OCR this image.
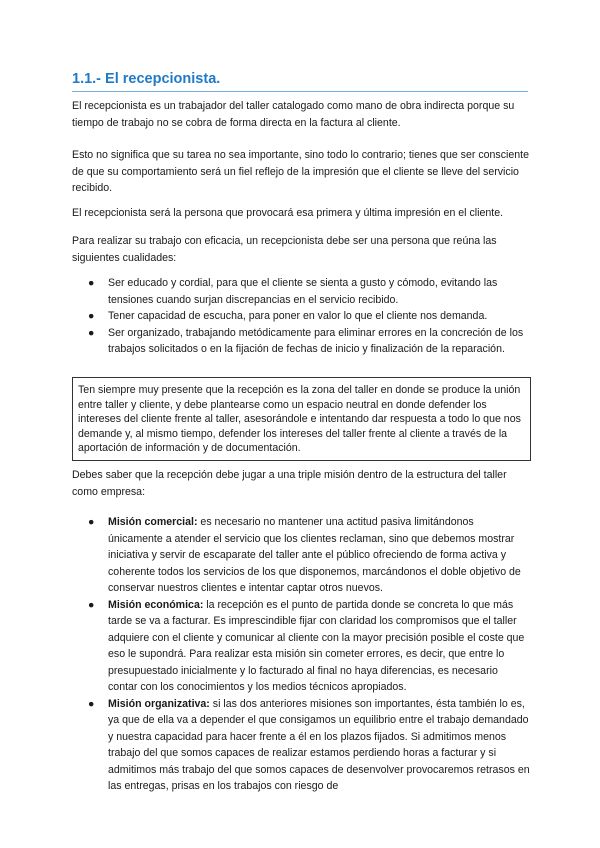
1.1.- El recepcionista.

El recepcionista es un trabajador del taller catalogado como mano de obra indirecta porque su tiempo de trabajo no se cobra de forma directa en la factura al cliente.

Esto no significa que su tarea no sea importante, sino todo lo contrario; tienes que ser consciente de que su comportamiento será un fiel reflejo de la impresión que el cliente se lleve del servicio recibido.

El recepcionista será la persona que provocará esa primera y última impresión en el cliente.

Para realizar su trabajo con eficacia, un recepcionista debe ser una persona que reúna las siguientes cualidades:

● Ser educado y cordial, para que el cliente se sienta a gusto y cómodo, evitando las tensiones cuando surjan discrepancias en el servicio recibido.
● Tener capacidad de escucha, para poner en valor lo que el cliente nos demanda.
● Ser organizado, trabajando metódicamente para eliminar errores en la concreción de los trabajos solicitados o en la fijación de fechas de inicio y finalización de la reparación.
Ten siempre muy presente que la recepción es la zona del taller en donde se produce la unión entre taller y cliente, y debe plantearse como un espacio neutral en donde defender los intereses del cliente frente al taller, asesorándole e intentando dar respuesta a todo lo que nos demande y, al mismo tiempo, defender los intereses del taller frente al cliente a través de la aportación de información y de documentación.

Debes saber que la recepción debe jugar a una triple misión dentro de la estructura del taller como empresa:

● Misión comercial: es necesario no mantener una actitud pasiva limitándonos únicamente a atender el servicio que los clientes reclaman, sino que debemos mostrar iniciativa y servir de escaparate del taller ante el público ofreciendo de forma activa y coherente todos los servicios de los que disponemos, marcándonos el doble objetivo de conservar nuestros clientes e intentar captar otros nuevos.
● Misión económica: la recepción es el punto de partida donde se concreta lo que más tarde se va a facturar. Es imprescindible fijar con claridad los compromisos que el taller adquiere con el cliente y comunicar al cliente con la mayor precisión posible el coste que eso le supondrá. Para realizar esta misión sin cometer errores, es decir, que entre lo presupuestado inicialmente y lo facturado al final no haya diferencias, es necesario contar con los conocimientos y los medios técnicos apropiados.
● Misión organizativa: si las dos anteriores misiones son importantes, ésta también lo es, ya que de ella va a depender el que consigamos un equilibrio entre el trabajo demandado y nuestra capacidad para hacer frente a él en los plazos fijados. Si admitimos menos trabajo del que somos capaces de realizar estamos perdiendo horas a facturar y si admitimos más trabajo del que somos capaces de desenvolver provocaremos retrasos en las entregas, prisas en los trabajos con riesgo de
